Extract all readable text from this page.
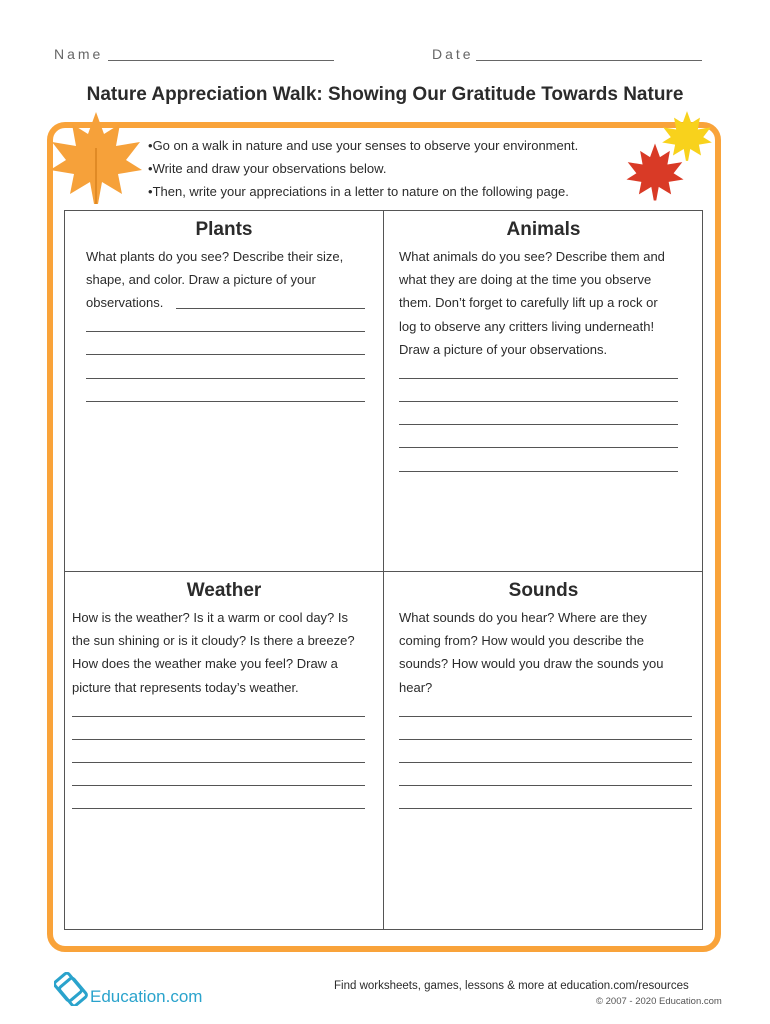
Name	Date
Nature Appreciation Walk: Showing Our Gratitude Towards Nature
• Go on a walk in nature and use your senses to observe your environment.
• Write and draw your observations below.
• Then, write your appreciations in a letter to nature on the following page.
Plants
What plants do you see? Describe their size,
shape, and color. Draw a picture of your
observations.
Animals
What animals do you see? Describe them and
what they are doing at the time you observe
them. Don’t forget to carefully lift up a rock or
log to observe any critters living underneath!
Draw a picture of your observations.
Weather
How is the weather? Is it a warm or cool day? Is
the sun shining or is it cloudy? Is there a breeze?
How does the weather make you feel? Draw a
picture that represents today’s weather.
Sounds
What sounds do you hear? Where are they
coming from? How would you describe the
sounds? How would you draw the sounds you
hear?
Education.com
Find worksheets, games, lessons & more at education.com/resources
© 2007 - 2020 Education.com
